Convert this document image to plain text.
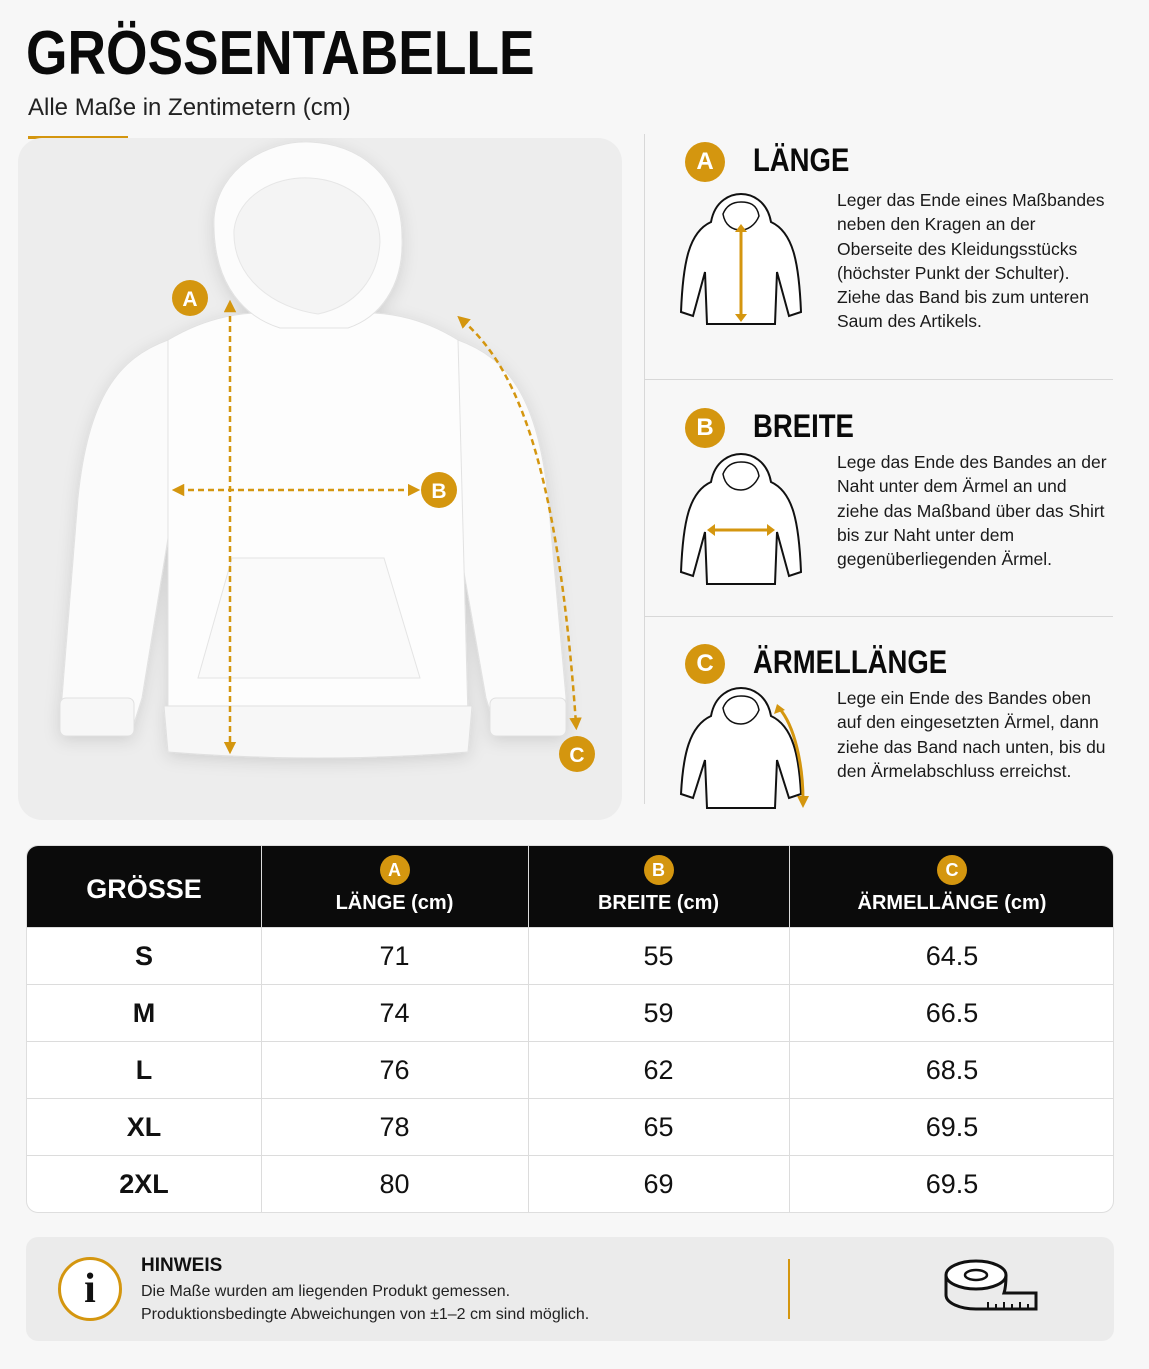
GRÖSSENTABELLE
Alle Maße in Zentimetern (cm)
A
B
C
A	LÄNGE
Leger das Ende eines Maßbandes neben den Kragen an der Oberseite des Kleidungsstücks (höchster Punkt der Schulter). Ziehe das Band bis zum unteren Saum des Artikels.
B	BREITE
Lege das Ende des Bandes an der Naht unter dem Ärmel an und ziehe das Maßband über das Shirt bis zur Naht unter dem gegenüberliegenden Ärmel.
C	ÄRMELLÄNGE
Lege ein Ende des Bandes oben auf den eingesetzten Ärmel, dann ziehe das Band nach unten, bis du den Ärmelabschluss erreichst.
GRÖSSE
A
LÄNGE (cm)
B
BREITE (cm)
C
ÄRMELLÄNGE (cm)
S	71	55	64.5
M	74	59	66.5
L	76	62	68.5
XL	78	65	69.5
2XL	80	69	69.5
i
HINWEIS
Die Maße wurden am liegenden Produkt gemessen.
Produktionsbedingte Abweichungen von ±1–2 cm sind möglich.
